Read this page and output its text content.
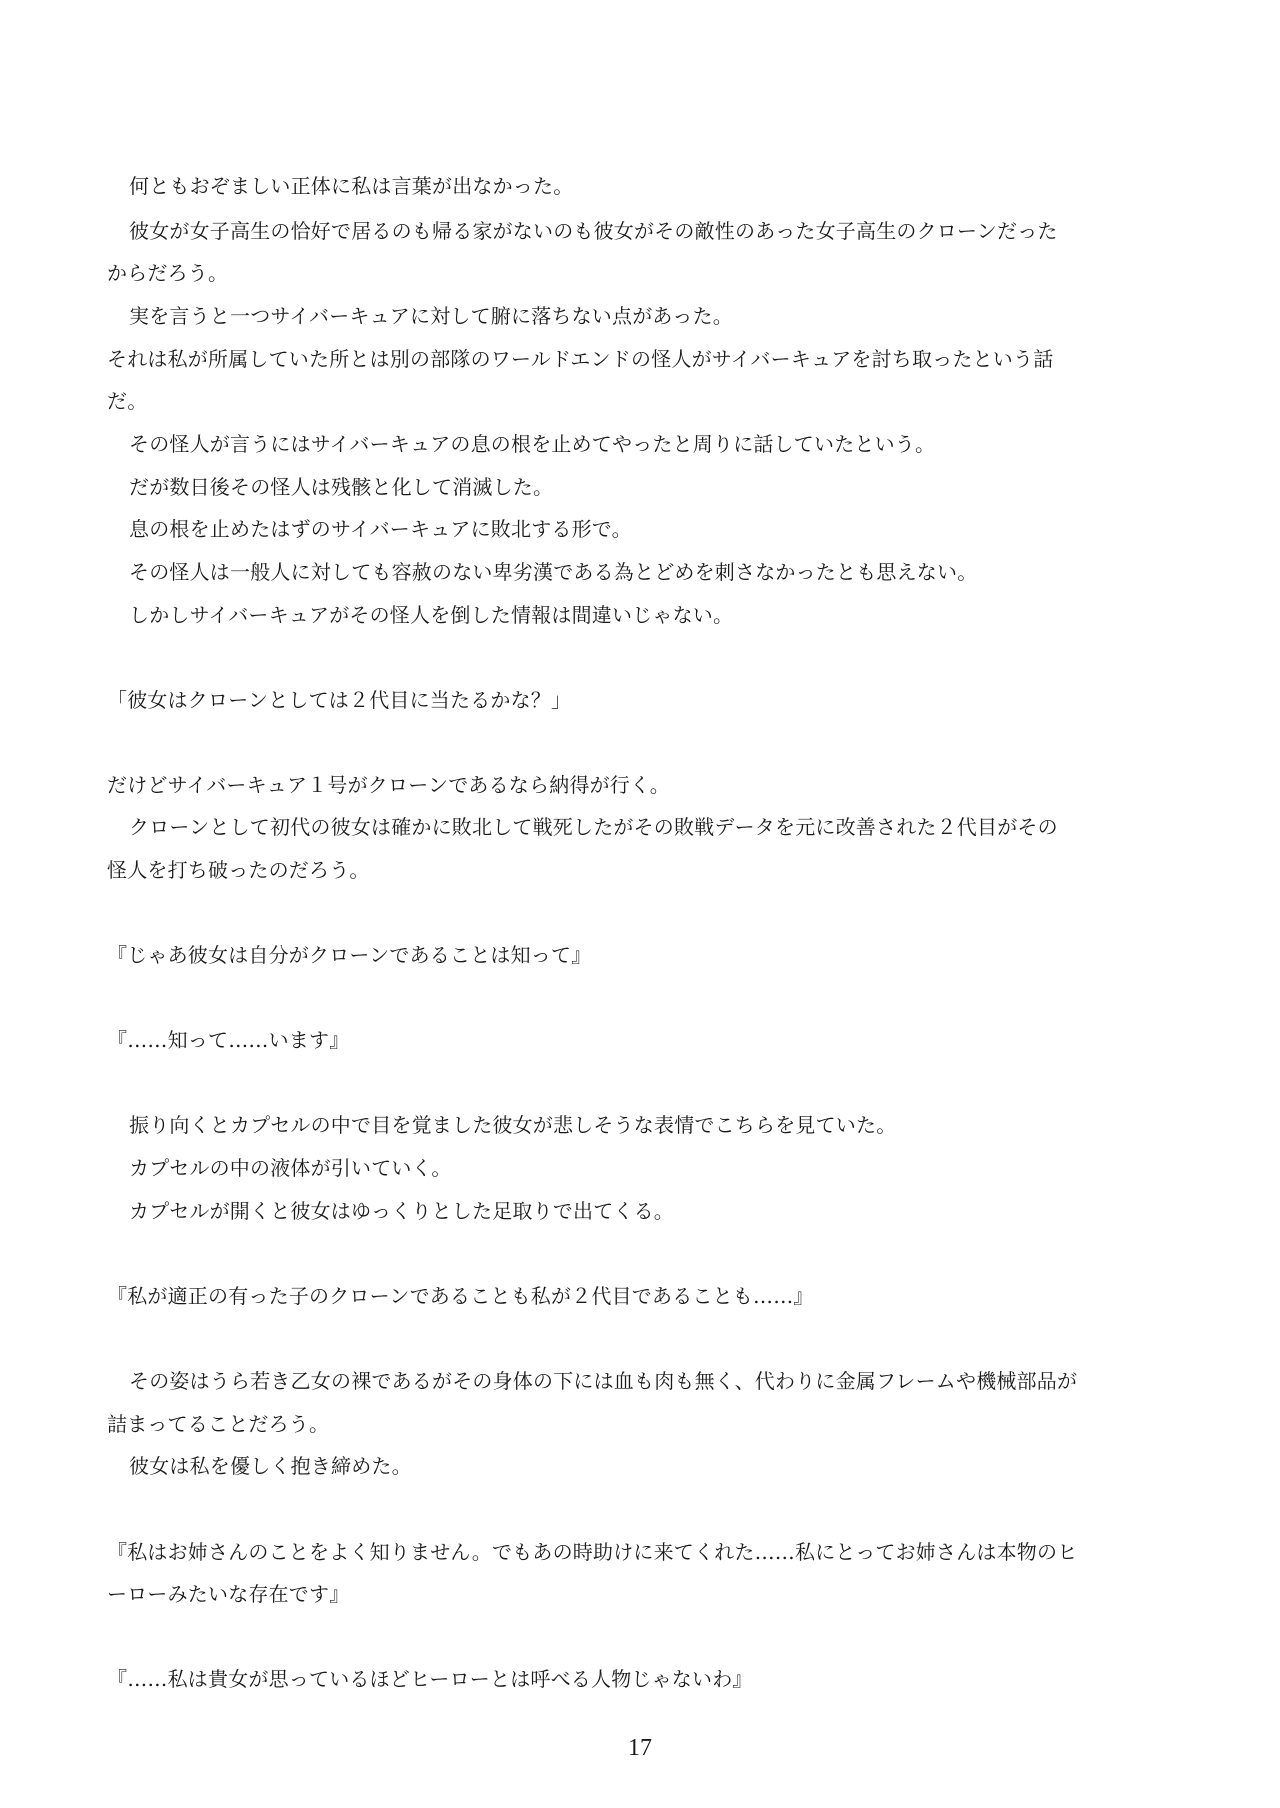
何ともおぞましい正体に私は言葉が出なかった。
彼女が女子高生の恰好で居るのも帰る家がないのも彼女がその敵性のあった女子高生のクローンだった
からだろう。
実を言うと一つサイバーキュアに対して腑に落ちない点があった。
それは私が所属していた所とは別の部隊のワールドエンドの怪人がサイバーキュアを討ち取ったという話
だ。
その怪人が言うにはサイバーキュアの息の根を止めてやったと周りに話していたという。
だが数日後その怪人は残骸と化して消滅した。
息の根を止めたはずのサイバーキュアに敗北する形で。
その怪人は一般人に対しても容赦のない卑劣漢である為とどめを刺さなかったとも思えない。
しかしサイバーキュアがその怪人を倒した情報は間違いじゃない。
「彼女はクローンとしては２代目に当たるかな？」
だけどサイバーキュア１号がクローンであるなら納得が行く。
クローンとして初代の彼女は確かに敗北して戦死したがその敗戦データを元に改善された２代目がその
怪人を打ち破ったのだろう。
『じゃあ彼女は自分がクローンであることは知って』
『……知って……います』
振り向くとカプセルの中で目を覚ました彼女が悲しそうな表情でこちらを見ていた。
カプセルの中の液体が引いていく。
カプセルが開くと彼女はゆっくりとした足取りで出てくる。
『私が適正の有った子のクローンであることも私が２代目であることも……』
その姿はうら若き乙女の裸であるがその身体の下には血も肉も無く、代わりに金属フレームや機械部品が
詰まってることだろう。
彼女は私を優しく抱き締めた。
『私はお姉さんのことをよく知りません。でもあの時助けに来てくれた……私にとってお姉さんは本物のヒ
ーローみたいな存在です』
『……私は貴女が思っているほどヒーローとは呼べる人物じゃないわ』
17
